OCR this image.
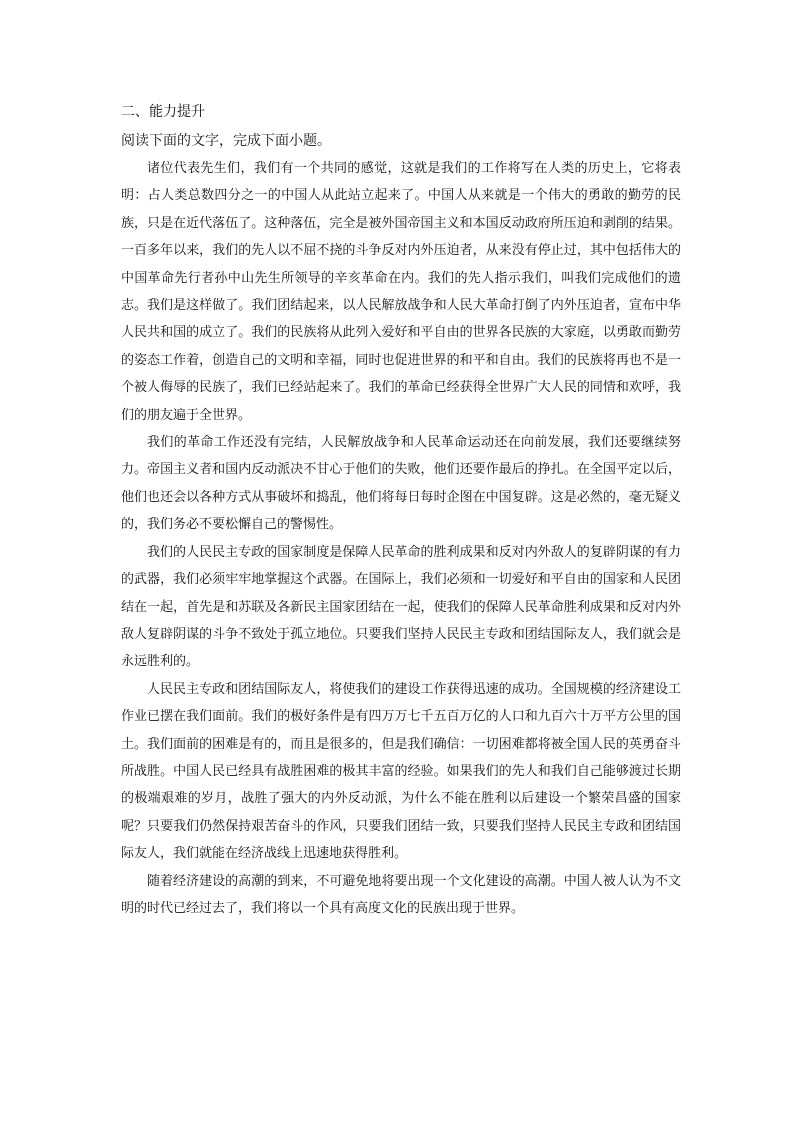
二、能力提升
阅读下面的文字，完成下面小题。

诸位代表先生们，我们有一个共同的感觉，这就是我们的工作将写在人类的历史上，它将表明：占人类总数四分之一的中国人从此站立起来了。中国人从来就是一个伟大的勇敢的勤劳的民族，只是在近代落伍了。这种落伍，完全是被外国帝国主义和本国反动政府所压迫和剥削的结果。一百多年以来，我们的先人以不屈不挠的斗争反对内外压迫者，从来没有停止过，其中包括伟大的中国革命先行者孙中山先生所领导的辛亥革命在内。我们的先人指示我们，叫我们完成他们的遗志。我们是这样做了。我们团结起来，以人民解放战争和人民大革命打倒了内外压迫者，宣布中华人民共和国的成立了。我们的民族将从此列入爱好和平自由的世界各民族的大家庭，以勇敢而勤劳的姿态工作着，创造自己的文明和幸福，同时也促进世界的和平和自由。我们的民族将再也不是一个被人侮辱的民族了，我们已经站起来了。我们的革命已经获得全世界广大人民的同情和欢呼，我们的朋友遍于全世界。

我们的革命工作还没有完结，人民解放战争和人民革命运动还在向前发展，我们还要继续努力。帝国主义者和国内反动派决不甘心于他们的失败，他们还要作最后的挣扎。在全国平定以后，他们也还会以各种方式从事破坏和捣乱，他们将每日每时企图在中国复辟。这是必然的，毫无疑义的，我们务必不要松懈自己的警惕性。

我们的人民民主专政的国家制度是保障人民革命的胜利成果和反对内外敌人的复辟阴谋的有力的武器，我们必须牢牢地掌握这个武器。在国际上，我们必须和一切爱好和平自由的国家和人民团结在一起，首先是和苏联及各新民主国家团结在一起，使我们的保障人民革命胜利成果和反对内外敌人复辟阴谋的斗争不致处于孤立地位。只要我们坚持人民民主专政和团结国际友人，我们就会是永远胜利的。

人民民主专政和团结国际友人，将使我们的建设工作获得迅速的成功。全国规模的经济建设工作业已摆在我们面前。我们的极好条件是有四万万七千五百万亿的人口和九百六十万平方公里的国土。我们面前的困难是有的，而且是很多的，但是我们确信：一切困难都将被全国人民的英勇奋斗所战胜。中国人民已经具有战胜困难的极其丰富的经验。如果我们的先人和我们自己能够渡过长期的极端艰难的岁月，战胜了强大的内外反动派，为什么不能在胜利以后建设一个繁荣昌盛的国家呢？只要我们仍然保持艰苦奋斗的作风，只要我们团结一致，只要我们坚持人民民主专政和团结国际友人，我们就能在经济战线上迅速地获得胜利。

随着经济建设的高潮的到来，不可避免地将要出现一个文化建设的高潮。中国人被人认为不文明的时代已经过去了，我们将以一个具有高度文化的民族出现于世界。
